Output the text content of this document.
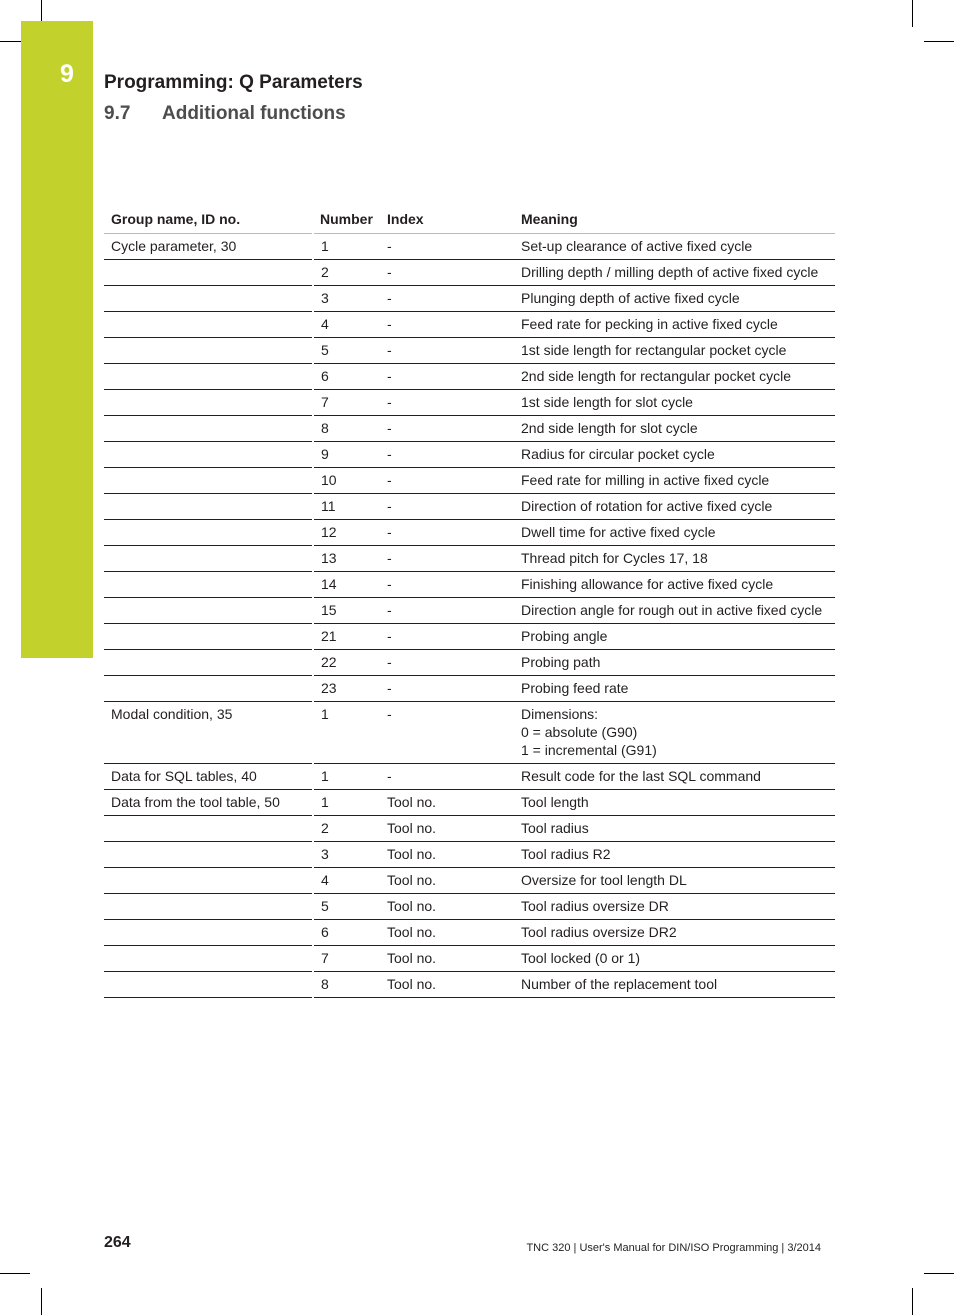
9	Programming: Q Parameters
9.7 Additional functions
Group name, ID no.	Number	Index	Meaning
Cycle parameter, 30	1	-	Set-up clearance of active fixed cycle
	2	-	Drilling depth / milling depth of active fixed cycle
	3	-	Plunging depth of active fixed cycle
	4	-	Feed rate for pecking in active fixed cycle
	5	-	1st side length for rectangular pocket cycle
	6	-	2nd side length for rectangular pocket cycle
	7	-	1st side length for slot cycle
	8	-	2nd side length for slot cycle
	9	-	Radius for circular pocket cycle
	10	-	Feed rate for milling in active fixed cycle
	11	-	Direction of rotation for active fixed cycle
	12	-	Dwell time for active fixed cycle
	13	-	Thread pitch for Cycles 17, 18
	14	-	Finishing allowance for active fixed cycle
	15	-	Direction angle for rough out in active fixed cycle
	21	-	Probing angle
	22	-	Probing path
	23	-	Probing feed rate
Modal condition, 35	1	-	Dimensions:
0 = absolute (G90)
1 = incremental (G91)

Data for SQL tables, 40	1	-	Result code for the last SQL command
Data from the tool table, 50	1	Tool no.	Tool length
	2	Tool no.	Tool radius
	3	Tool no.	Tool radius R2
	4	Tool no.	Oversize for tool length DL
	5	Tool no.	Tool radius oversize DR
	6	Tool no.	Tool radius oversize DR2
	7	Tool no.	Tool locked (0 or 1)
	8	Tool no.	Number of the replacement tool
264	TNC 320 | User's Manual for DIN/ISO Programming | 3/2014
